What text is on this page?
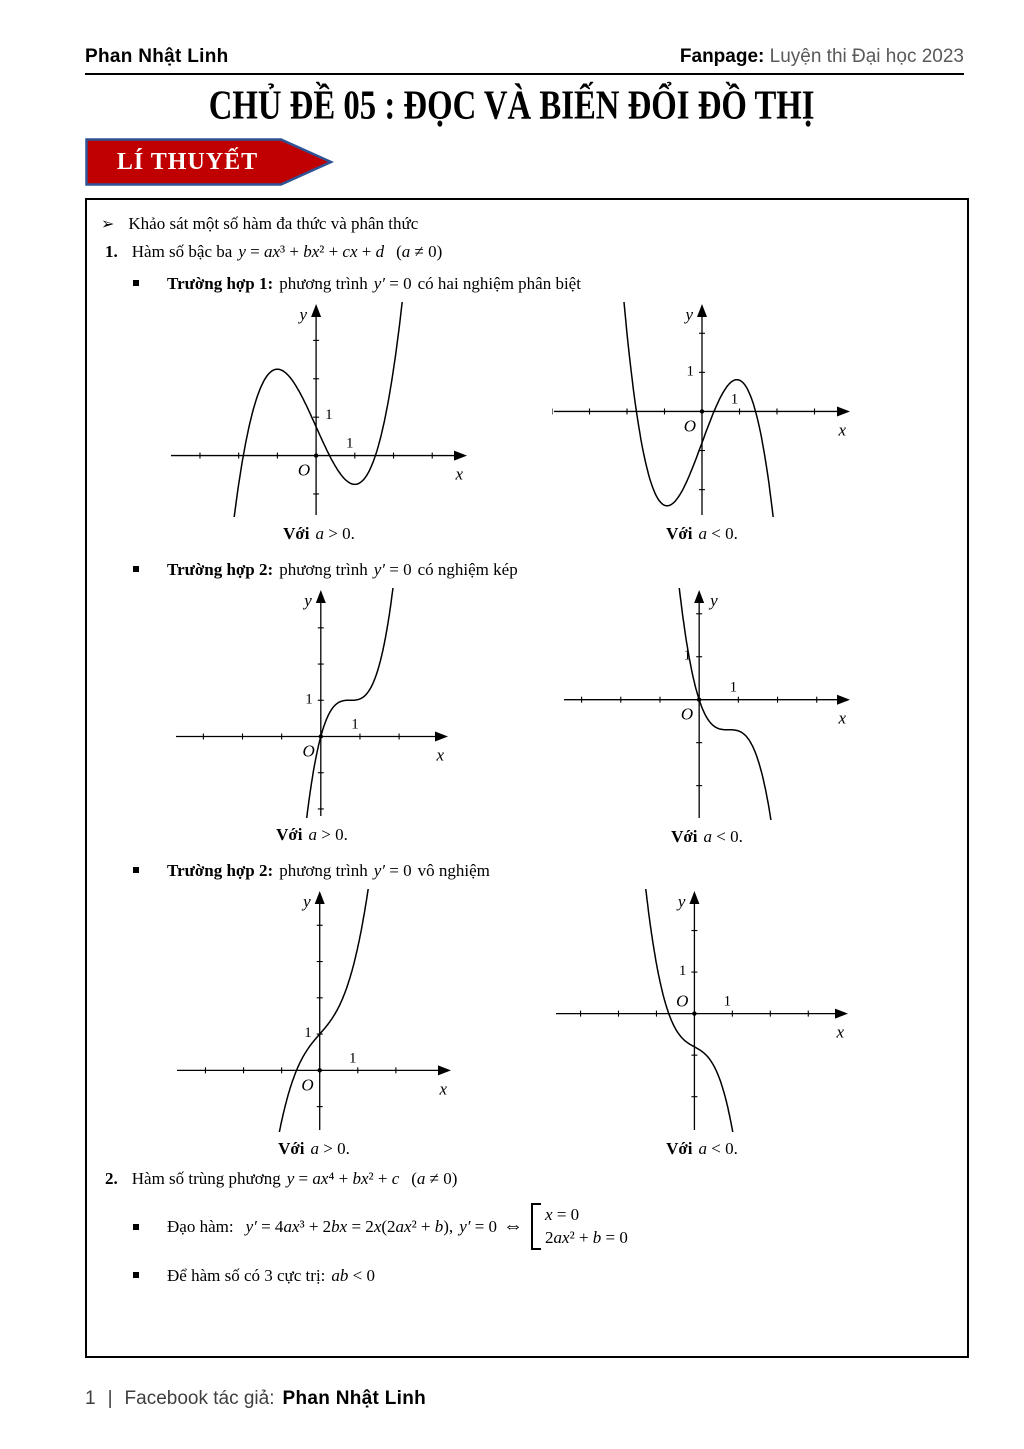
Phan Nhật Linh	Fanpage: Luyện thi Đại học 2023
CHỦ ĐỀ 05 : ĐỌC VÀ BIẾN ĐỔI ĐỒ THỊ
LÍ THUYẾT
➢ Khảo sát một số hàm đa thức và phân thức
1. Hàm số bậc ba y = ax³ + bx² + cx + d (a ≠ 0)
Trường hợp 1: phương trình y′ = 0 có hai nghiệm phân biệt
y
x
O
1
1
Với a > 0.
y
x
O
1
1
Với a < 0.
Trường hợp 2: phương trình y′ = 0 có nghiệm kép
y
x
O
1
1
Với a > 0.
y
x
O
1
1
Với a < 0.
Trường hợp 2: phương trình y′ = 0 vô nghiệm
y
x
O
1
1
Với a > 0.
y
x
O
1
1
Với a < 0.
2. Hàm số trùng phương y = ax⁴ + bx² + c (a ≠ 0)
Đạo hàm: y′ = 4ax³ + 2bx = 2x(2ax² + b), y′ = 0 ⇔
x = 0
2ax² + b = 0
Để hàm số có 3 cực trị: ab < 0
1 | Facebook tác giả: Phan Nhật Linh
